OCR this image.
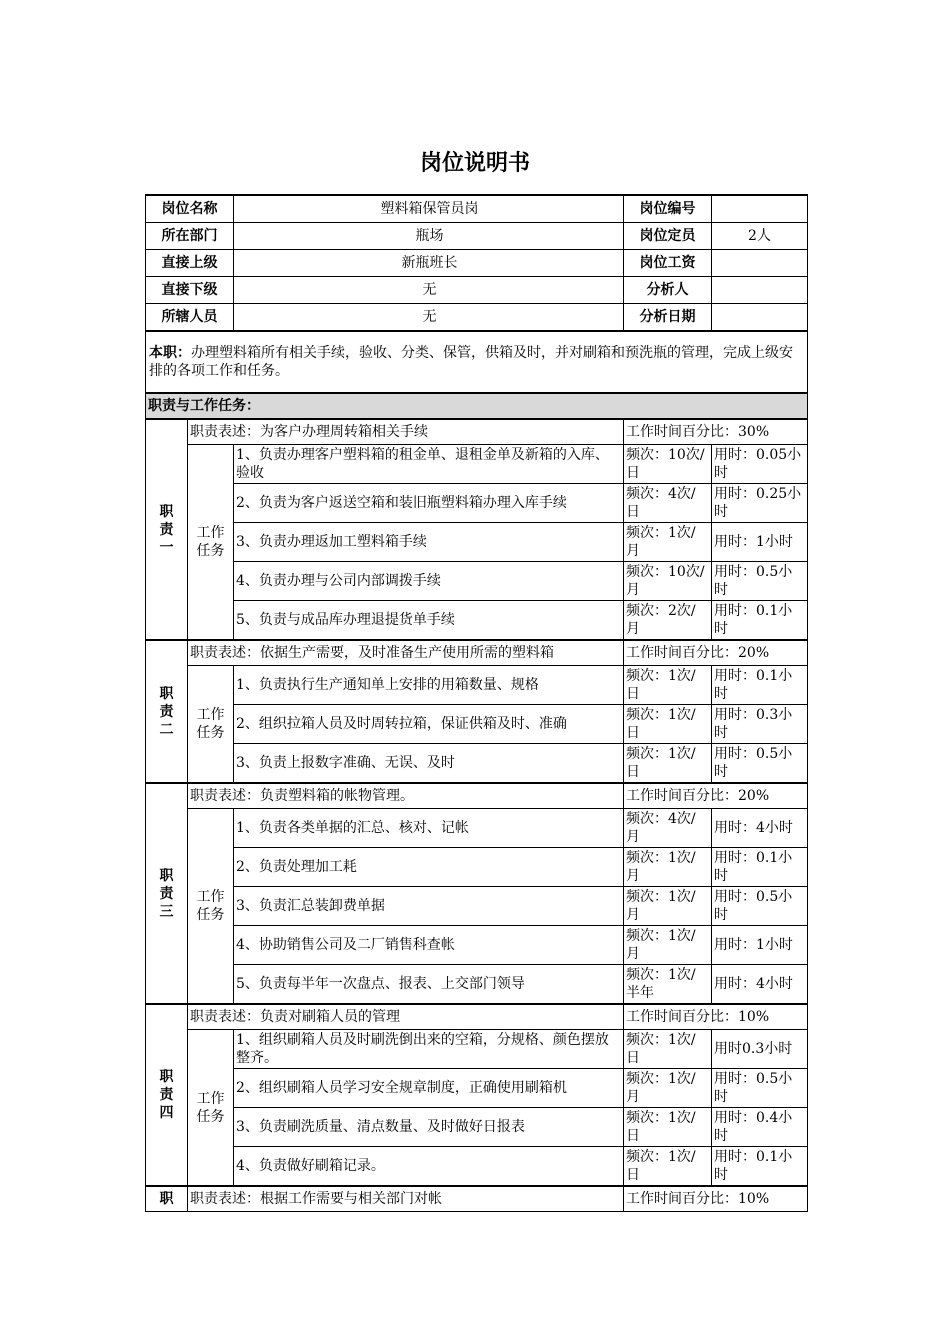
岗位说明书
岗位名称		塑料箱保管员岗	岗位编号	
所在部门		瓶场	岗位定员	2人
直接上级		新瓶班长	岗位工资	
直接下级		无	分析人	
所辖人员		无	分析日期	
本职：办理塑料箱所有相关手续，验收、分类、保管，供箱及时，并对刷箱和预洗瓶的管理，完成上级安排的各项工作和任务。				
职责与工作任务：				
职
责
一	职责表述：为客户办理周转箱相关手续		工作时间百分比：30%	
	工作
任务	1、负责办理客户塑料箱的租金单、退租金单及新箱的入库、验收	频次：10次/日	用时：0.05小时
		2、负责为客户返送空箱和装旧瓶塑料箱办理入库手续	频次：4次/日	用时：0.25小时
		3、负责办理返加工塑料箱手续	频次：1次/月	用时：1小时
		4、负责办理与公司内部调拨手续	频次：10次/月	用时：0.5小时
		5、负责与成品库办理退提货单手续	频次：2次/月	用时：0.1小时
职
责
二	职责表述：依据生产需要，及时准备生产使用所需的塑料箱		工作时间百分比：20%	
	工作
任务	1、负责执行生产通知单上安排的用箱数量、规格	频次：1次/日	用时：0.1小时
		2、组织拉箱人员及时周转拉箱，保证供箱及时、准确	频次：1次/日	用时：0.3小时
		3、负责上报数字准确、无误、及时	频次：1次/日	用时：0.5小时
职
责
三	职责表述：负责塑料箱的帐物管理。		工作时间百分比：20%	
	工作
任务	1、负责各类单据的汇总、核对、记帐	频次：4次/月	用时：4小时
		2、负责处理加工耗	频次：1次/月	用时：0.1小时
		3、负责汇总装卸费单据	频次：1次/月	用时：0.5小时
		4、协助销售公司及二厂销售科查帐	频次：1次/月	用时：1小时
		5、负责每半年一次盘点、报表、上交部门领导	频次：1次/半年	用时：4小时
职
责
四	职责表述：负责对刷箱人员的管理		工作时间百分比：10%	
	工作
任务	1、组织刷箱人员及时刷洗倒出来的空箱，分规格、颜色摆放整齐。	频次：1次/日	用时0.3小时
		2、组织刷箱人员学习安全规章制度，正确使用刷箱机	频次：1次/月	用时：0.5小时
		3、负责刷洗质量、清点数量、及时做好日报表	频次：1次/日	用时：0.4小时
		4、负责做好刷箱记录。	频次：1次/日	用时：0.1小时
职	职责表述：根据工作需要与相关部门对帐		工作时间百分比：10%	
